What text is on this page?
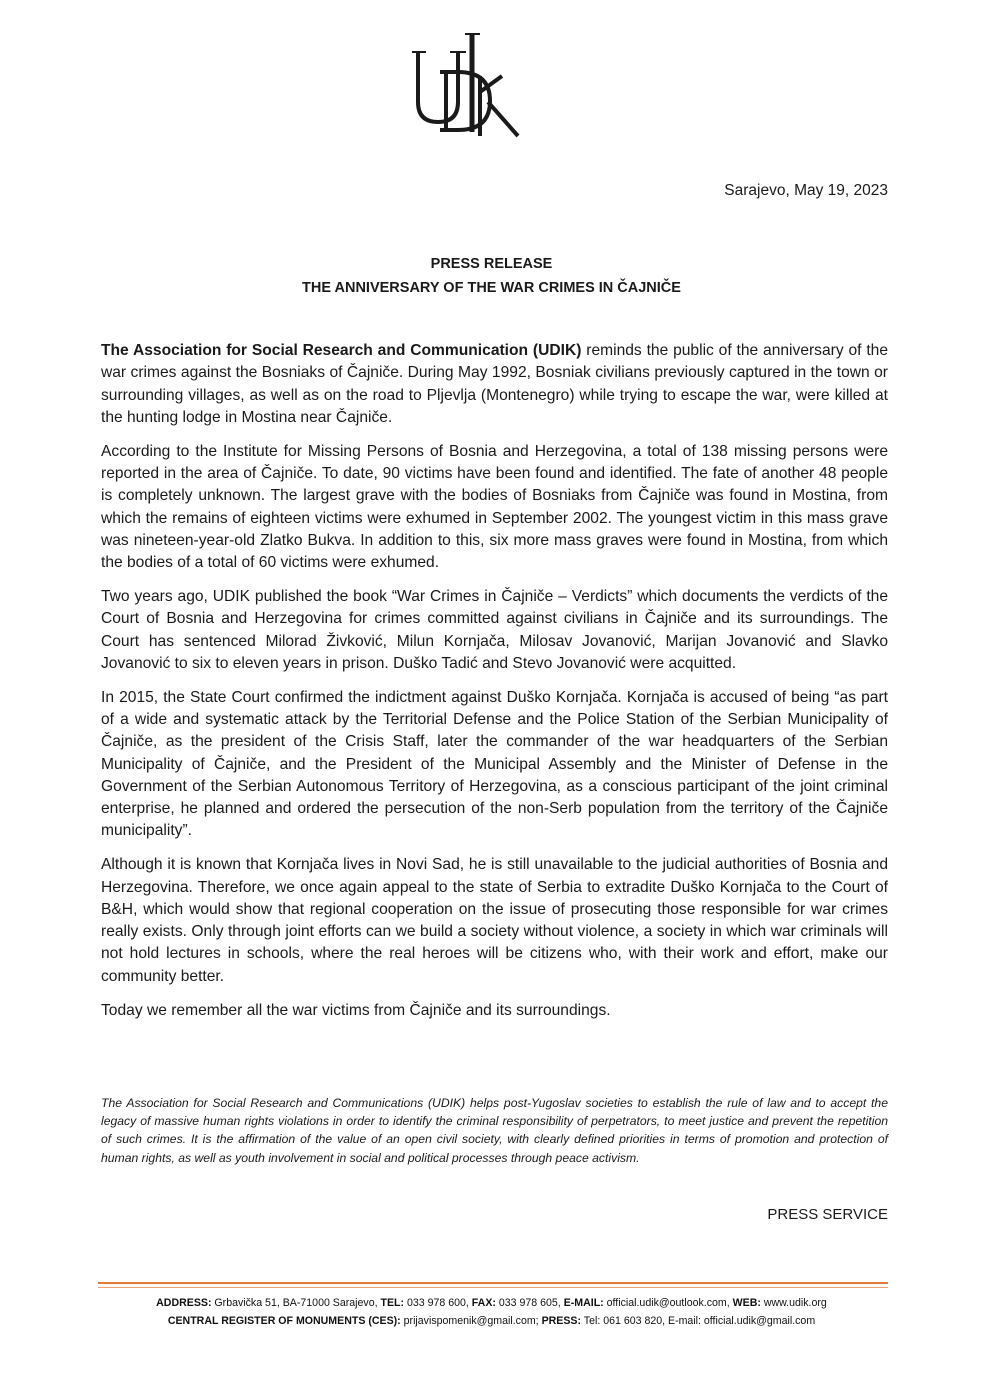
Sarajevo, May 19, 2023
PRESS RELEASE
THE ANNIVERSARY OF THE WAR CRIMES IN ČAJNIČE

The Association for Social Research and Communication (UDIK) reminds the public of the anniversary of the war crimes against the Bosniaks of Čajniče. During May 1992, Bosniak civilians previously captured in the town or surrounding villages, as well as on the road to Pljevlja (Montenegro) while trying to escape the war, were killed at the hunting lodge in Mostina near Čajniče.

According to the Institute for Missing Persons of Bosnia and Herzegovina, a total of 138 missing persons were reported in the area of Čajniče. To date, 90 victims have been found and identified. The fate of another 48 people is completely unknown. The largest grave with the bodies of Bosniaks from Čajniče was found in Mostina, from which the remains of eighteen victims were exhumed in September 2002. The youngest victim in this mass grave was nineteen-year-old Zlatko Bukva. In addition to this, six more mass graves were found in Mostina, from which the bodies of a total of 60 victims were exhumed.

Two years ago, UDIK published the book “War Crimes in Čajniče – Verdicts” which documents the verdicts of the Court of Bosnia and Herzegovina for crimes committed against civilians in Čajniče and its surroundings. The Court has sentenced Milorad Živković, Milun Kornjača, Milosav Jovanović, Marijan Jovanović and Slavko Jovanović to six to eleven years in prison. Duško Tadić and Stevo Jovanović were acquitted.

In 2015, the State Court confirmed the indictment against Duško Kornjača. Kornjača is accused of being “as part of a wide and systematic attack by the Territorial Defense and the Police Station of the Serbian Municipality of Čajniče, as the president of the Crisis Staff, later the commander of the war headquarters of the Serbian Municipality of Čajniče, and the President of the Municipal Assembly and the Minister of Defense in the Government of the Serbian Autonomous Territory of Herzegovina, as a conscious participant of the joint criminal enterprise, he planned and ordered the persecution of the non-Serb population from the territory of the Čajniče municipality”.

Although it is known that Kornjača lives in Novi Sad, he is still unavailable to the judicial authorities of Bosnia and Herzegovina. Therefore, we once again appeal to the state of Serbia to extradite Duško Kornjača to the Court of B&H, which would show that regional cooperation on the issue of prosecuting those responsible for war crimes really exists. Only through joint efforts can we build a society without violence, a society in which war criminals will not hold lectures in schools, where the real heroes will be citizens who, with their work and effort, make our community better.

Today we remember all the war victims from Čajniče and its surroundings.

The Association for Social Research and Communications (UDIK) helps post-Yugoslav societies to establish the rule of law and to accept the legacy of massive human rights violations in order to identify the criminal responsibility of perpetrators, to meet justice and prevent the repetition of such crimes. It is the affirmation of the value of an open civil society, with clearly defined priorities in terms of promotion and protection of human rights, as well as youth involvement in social and political processes through peace activism.
PRESS SERVICE
ADDRESS: Grbavička 51, BA-71000 Sarajevo, TEL: 033 978 600, FAX: 033 978 605, E-MAIL: official.udik@outlook.com, WEB: www.udik.org
CENTRAL REGISTER OF MONUMENTS (CES): prijavispomenik@gmail.com; PRESS: Tel: 061 603 820, E-mail: official.udik@gmail.com
